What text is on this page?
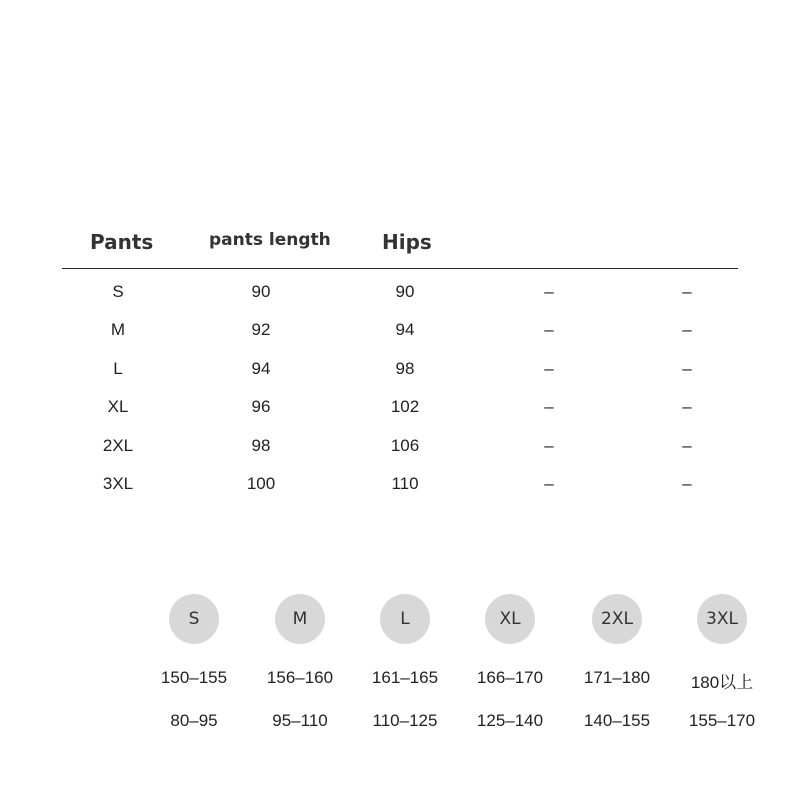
Pants	pants length	Hips
S	90	90	–	–
M	92	94	–	–
L	94	98	–	–
XL	96	102	–	–
2XL	98	106	–	–
3XL	100	110	–	–
S	M	L	XL	2XL	3XL
150–155 156–160 161–165 166–170 171–180 180以上
80–95	95–110	110–125 125–140 140–155 155–170
